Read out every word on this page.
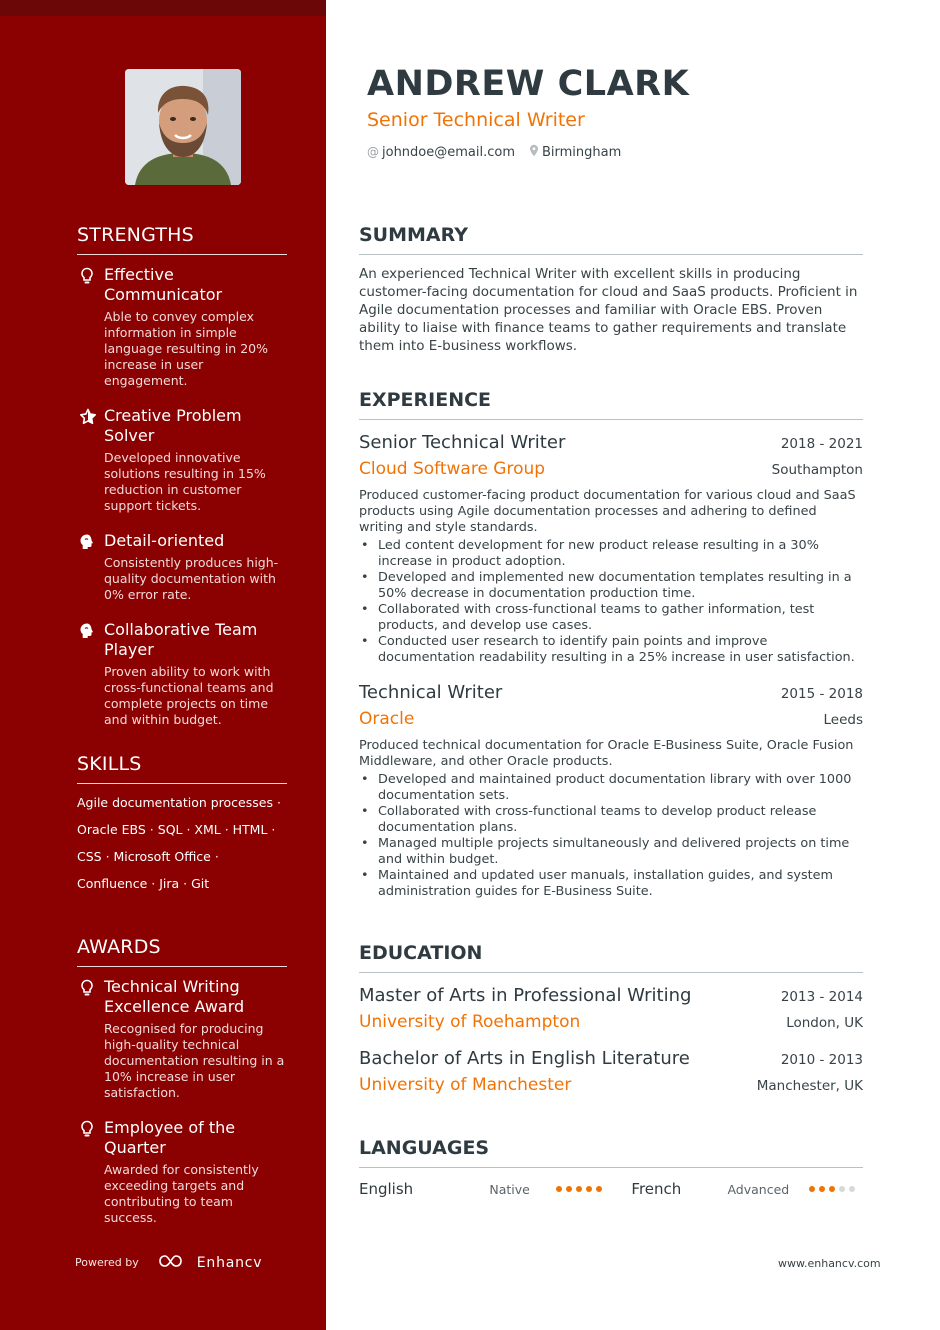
STRENGTHS
Effective Communicator
Able to convey complex information in simple language resulting in 20% increase in user engagement.
Creative Problem Solver
Developed innovative solutions resulting in 15% reduction in customer support tickets.
Detail-oriented
Consistently produces high-quality documentation with 0% error rate.
Collaborative Team Player
Proven ability to work with cross-functional teams and complete projects on time and within budget.
SKILLS
Agile documentation processes ·
Oracle EBS · SQL · XML · HTML ·
CSS · Microsoft Office ·
Confluence · Jira · Git
AWARDS
Technical Writing Excellence Award
Recognised for producing high-quality technical documentation resulting in a 10% increase in user satisfaction.
Employee of the Quarter
Awarded for consistently exceeding targets and contributing to team success.
Powered by	Enhancv
ANDREW CLARK
Senior Technical Writer
@ johndoe@email.com Birmingham
SUMMARY

An experienced Technical Writer with excellent skills in producing customer-facing documentation for cloud and SaaS products. Proficient in Agile documentation processes and familiar with Oracle EBS. Proven ability to liaise with finance teams to gather requirements and translate them into E-business workflows.

EXPERIENCE
Senior Technical Writer	2018 - 2021
Cloud Software Group	Southampton

Produced customer-facing product documentation for various cloud and SaaS products using Agile documentation processes and adhering to defined writing and style standards.

• Led content development for new product release resulting in a 30% increase in product adoption.
• Developed and implemented new documentation templates resulting in a 50% decrease in documentation production time.
• Collaborated with cross-functional teams to gather information, test products, and develop use cases.
• Conducted user research to identify pain points and improve documentation readability resulting in a 25% increase in user satisfaction.
Technical Writer	2015 - 2018
Oracle	Leeds

Produced technical documentation for Oracle E-Business Suite, Oracle Fusion Middleware, and other Oracle products.

• Developed and maintained product documentation library with over 1000 documentation sets.
• Collaborated with cross-functional teams to develop product release documentation plans.
• Managed multiple projects simultaneously and delivered projects on time and within budget.
• Maintained and updated user manuals, installation guides, and system administration guides for E-Business Suite.
EDUCATION
Master of Arts in Professional Writing	2013 - 2014
University of Roehampton	London, UK
Bachelor of Arts in English Literature	2010 - 2013
University of Manchester	Manchester, UK
LANGUAGES
English	Native	French	Advanced
www.enhancv.com
